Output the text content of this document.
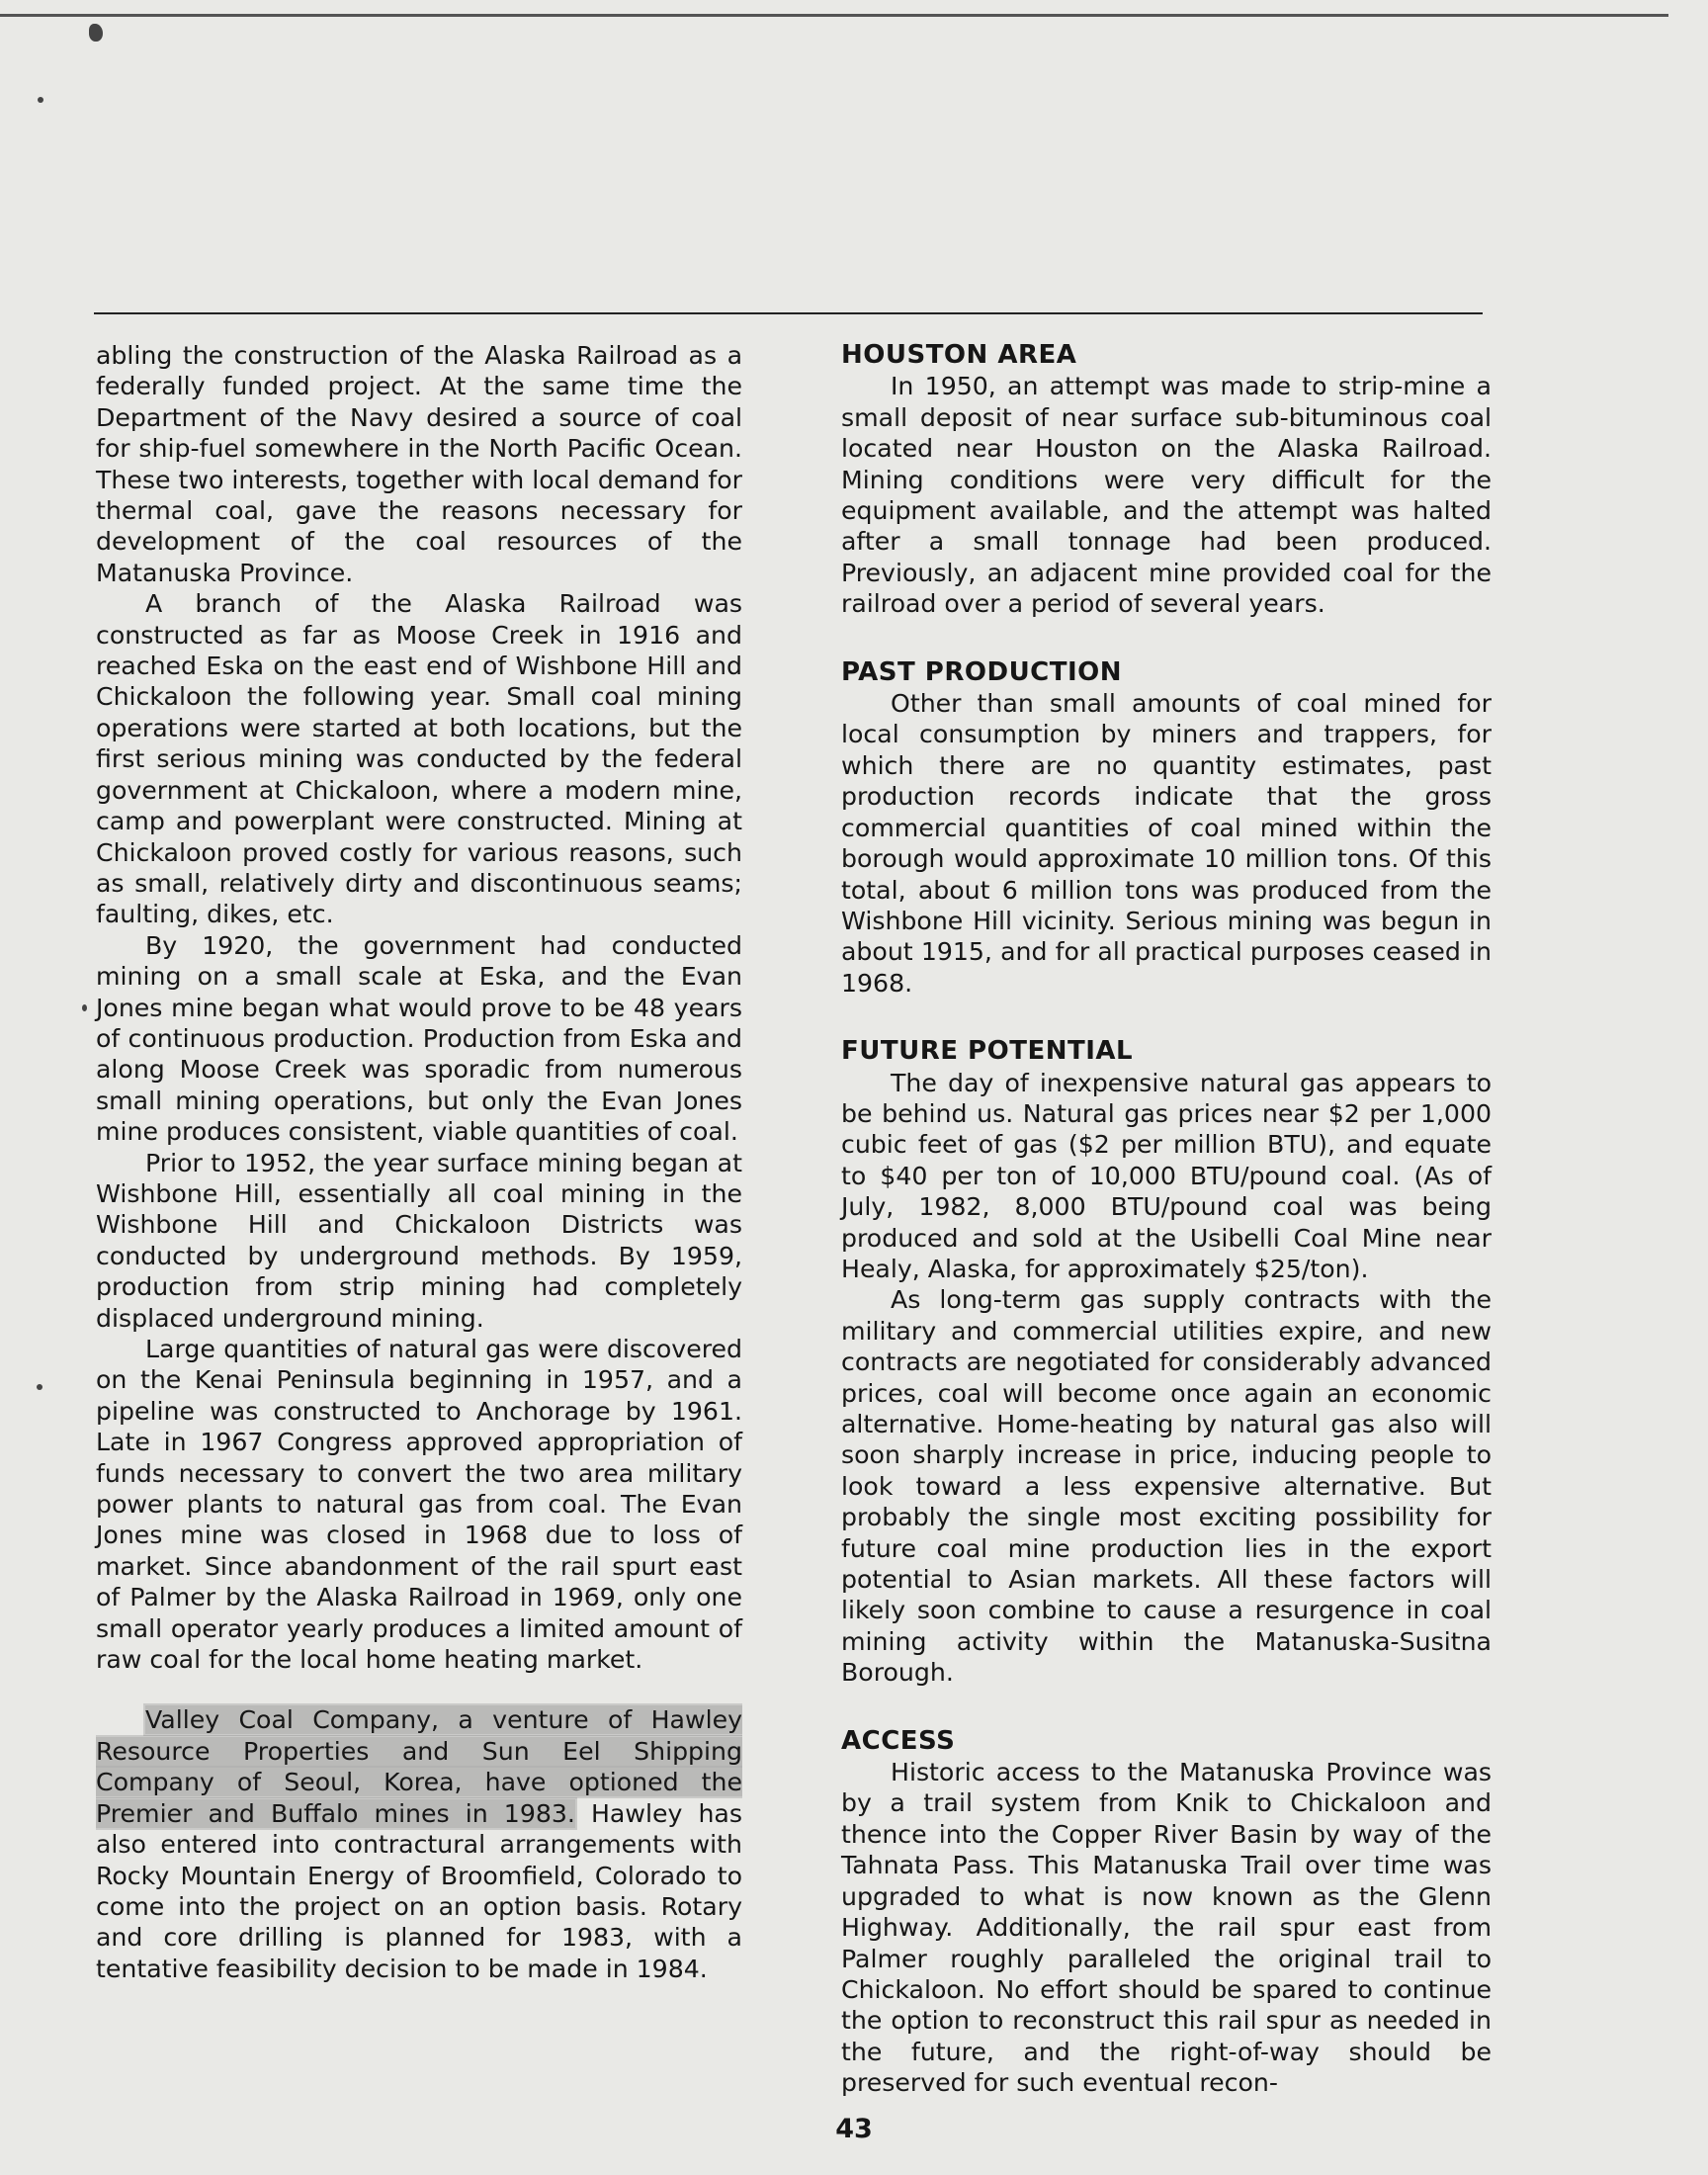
abling the construction of the Alaska Railroad as a federally funded project. At the same time the Department of the Navy desired a source of coal for ship-fuel somewhere in the North Pacific Ocean. These two interests, together with local demand for thermal coal, gave the reasons necessary for development of the coal resources of the Matanuska Province.

A branch of the Alaska Railroad was constructed as far as Moose Creek in 1916 and reached Eska on the east end of Wishbone Hill and Chickaloon the following year. Small coal mining operations were started at both locations, but the first serious mining was conducted by the federal government at Chickaloon, where a modern mine, camp and powerplant were constructed. Mining at Chickaloon proved costly for various reasons, such as small, relatively dirty and discontinuous seams; faulting, dikes, etc.

By 1920, the government had conducted mining on a small scale at Eska, and the Evan Jones mine began what would prove to be 48 years of continuous production. Production from Eska and along Moose Creek was sporadic from numerous small mining operations, but only the Evan Jones mine produces consistent, viable quantities of coal.

Prior to 1952, the year surface mining began at Wishbone Hill, essentially all coal mining in the Wishbone Hill and Chickaloon Districts was conducted by underground methods. By 1959, production from strip mining had completely displaced underground mining.

Large quantities of natural gas were discovered on the Kenai Peninsula beginning in 1957, and a pipeline was constructed to Anchorage by 1961. Late in 1967 Congress approved appropriation of funds necessary to convert the two area military power plants to natural gas from coal. The Evan Jones mine was closed in 1968 due to loss of market. Since abandonment of the rail spurt east of Palmer by the Alaska Railroad in 1969, only one small operator yearly produces a limited amount of raw coal for the local home heating market.

Valley Coal Company, a venture of Hawley Resource Properties and Sun Eel Shipping Company of Seoul, Korea, have optioned the Premier and Buffalo mines in 1983. Hawley has also entered into contractural arrangements with Rocky Mountain Energy of Broomfield, Colorado to come into the project on an option basis. Rotary and core drilling is planned for 1983, with a tentative feasibility decision to be made in 1984.

HOUSTON AREA

In 1950, an attempt was made to strip-mine a small deposit of near surface sub-bituminous coal located near Houston on the Alaska Railroad. Mining conditions were very difficult for the equipment available, and the attempt was halted after a small tonnage had been produced. Previously, an adjacent mine provided coal for the railroad over a period of several years.

PAST PRODUCTION

Other than small amounts of coal mined for local consumption by miners and trappers, for which there are no quantity estimates, past production records indicate that the gross commercial quantities of coal mined within the borough would approximate 10 million tons. Of this total, about 6 million tons was produced from the Wishbone Hill vicinity. Serious mining was begun in about 1915, and for all practical purposes ceased in 1968.

FUTURE POTENTIAL

The day of inexpensive natural gas appears to be behind us. Natural gas prices near $2 per 1,000 cubic feet of gas ($2 per million BTU), and equate to $40 per ton of 10,000 BTU/pound coal. (As of July, 1982, 8,000 BTU/pound coal was being produced and sold at the Usibelli Coal Mine near Healy, Alaska, for approximately $25/ton).

As long-term gas supply contracts with the military and commercial utilities expire, and new contracts are negotiated for considerably advanced prices, coal will become once again an economic alternative. Home-heating by natural gas also will soon sharply increase in price, inducing people to look toward a less expensive alternative. But probably the single most exciting possibility for future coal mine production lies in the export potential to Asian markets. All these factors will likely soon combine to cause a resurgence in coal mining activity within the Matanuska-Susitna Borough.

ACCESS

Historic access to the Matanuska Province was by a trail system from Knik to Chickaloon and thence into the Copper River Basin by way of the Tahnata Pass. This Matanuska Trail over time was upgraded to what is now known as the Glenn Highway. Additionally, the rail spur east from Palmer roughly paralleled the original trail to Chickaloon. No effort should be spared to continue the option to reconstruct this rail spur as needed in the future, and the right-of-way should be preserved for such eventual recon-

43
